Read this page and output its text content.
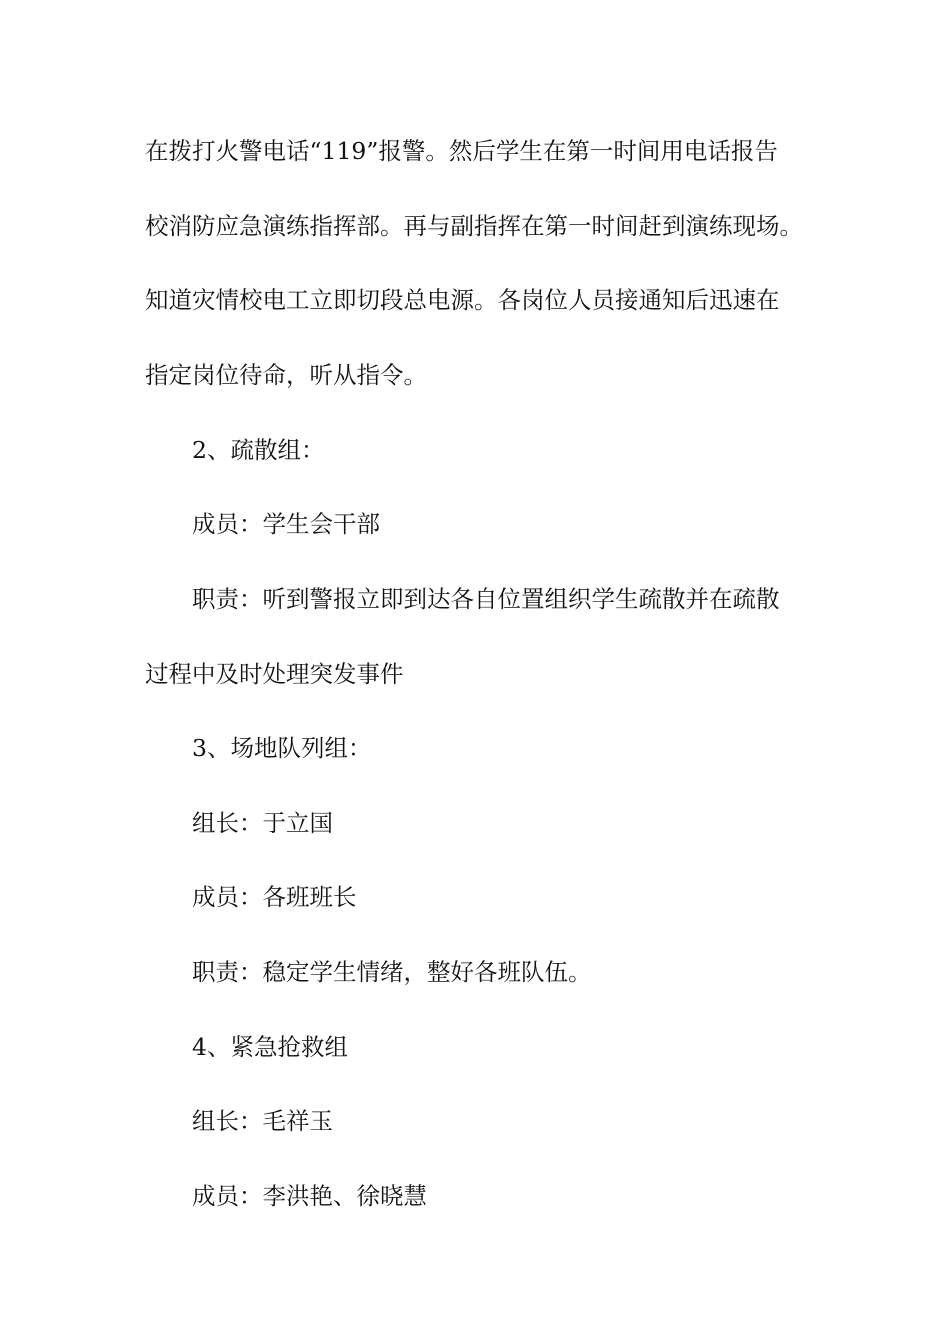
在拨打火警电话“119”报警。然后学生在第一时间用电话报告
校消防应急演练指挥部。再与副指挥在第一时间赶到演练现场。
知道灾情校电工立即切段总电源。各岗位人员接通知后迅速在
指定岗位待命，听从指令。
2、疏散组：
成员：学生会干部
职责：听到警报立即到达各自位置组织学生疏散并在疏散
过程中及时处理突发事件
3、场地队列组：
组长：于立国
成员：各班班长
职责：稳定学生情绪，整好各班队伍。
4、紧急抢救组
组长：毛祥玉
成员：李洪艳、徐晓慧
